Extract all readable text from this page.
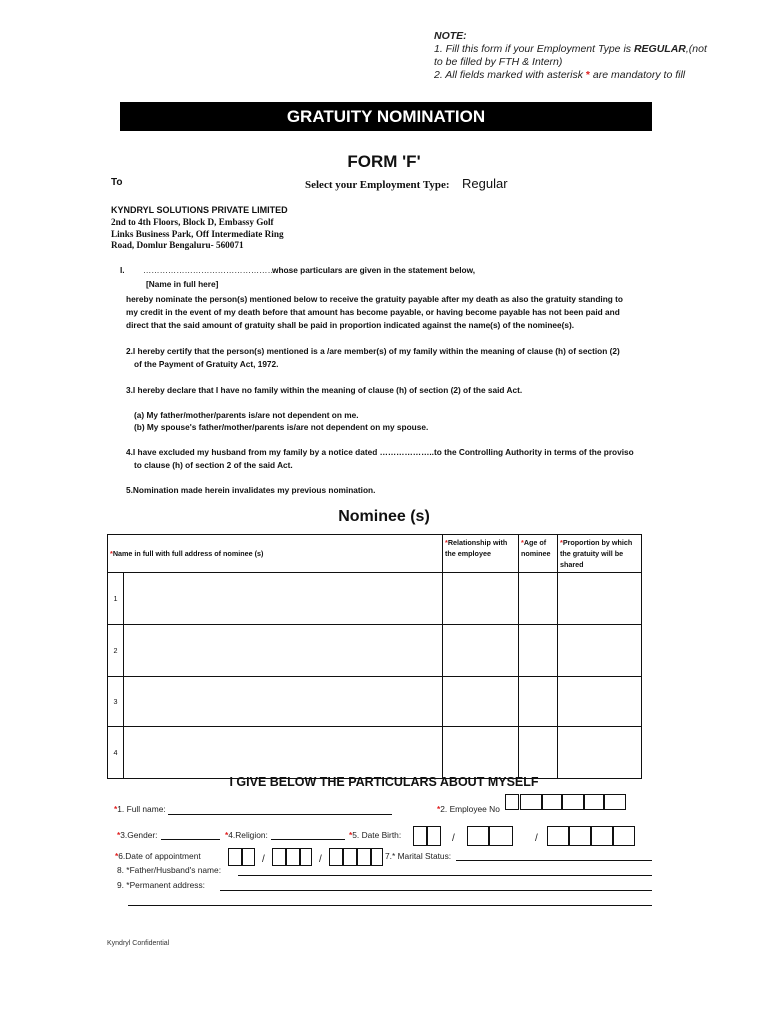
NOTE:
1. Fill this form if your Employment Type is REGULAR,(not
to be filled by FTH & Intern)
2. All fields marked with asterisk * are mandatory to fill
GRATUITY NOMINATION
FORM 'F'
To	Select your Employment Type: Regular
KYNDRYL SOLUTIONS PRIVATE LIMITED
2nd to 4th Floors, Block D, Embassy Golf
Links Business Park, Off Intermediate Ring
Road, Domlur Bengaluru- 560071
I. ………………………………………………
whose particulars are given in the statement below,
[Name in full here]
hereby nominate the person(s) mentioned below to receive the gratuity payable after my death as also the gratuity standing to
my credit in the event of my death before that amount has become payable, or having become payable has not been paid and
direct that the said amount of gratuity shall be paid in proportion indicated against the name(s) of the nominee(s).
2.I hereby certify that the person(s) mentioned is a /are member(s) of my family within the meaning of clause (h) of section (2)
of the Payment of Gratuity Act, 1972.
3.I hereby declare that I have no family within the meaning of clause (h) of section (2) of the said Act.
(a) My father/mother/parents is/are not dependent on me.
(b) My spouse's father/mother/parents is/are not dependent on my spouse.
4.I have excluded my husband from my family by a notice dated ………………..to the Controlling Authority in terms of the proviso
to clause (h) of section 2 of the said Act.
5.Nomination made herein invalidates my previous nomination.
Nominee (s)
*Name in full with full address of nominee (s)		*Relationship with the employee	*Age of nominee	*Proportion by which the gratuity will be shared
1				
2				
3				
4				
I GIVE BELOW THE PARTICULARS ABOUT MYSELF
*1. Full name:	*2. Employee No
*3.Gender:	*4.Religion:	*5. Date Birth:	/	/
*6.Date of appointment	/	/	7.* Marital Status:
8. *Father/Husband's name:
9. *Permanent address:
Kyndryl Confidential
